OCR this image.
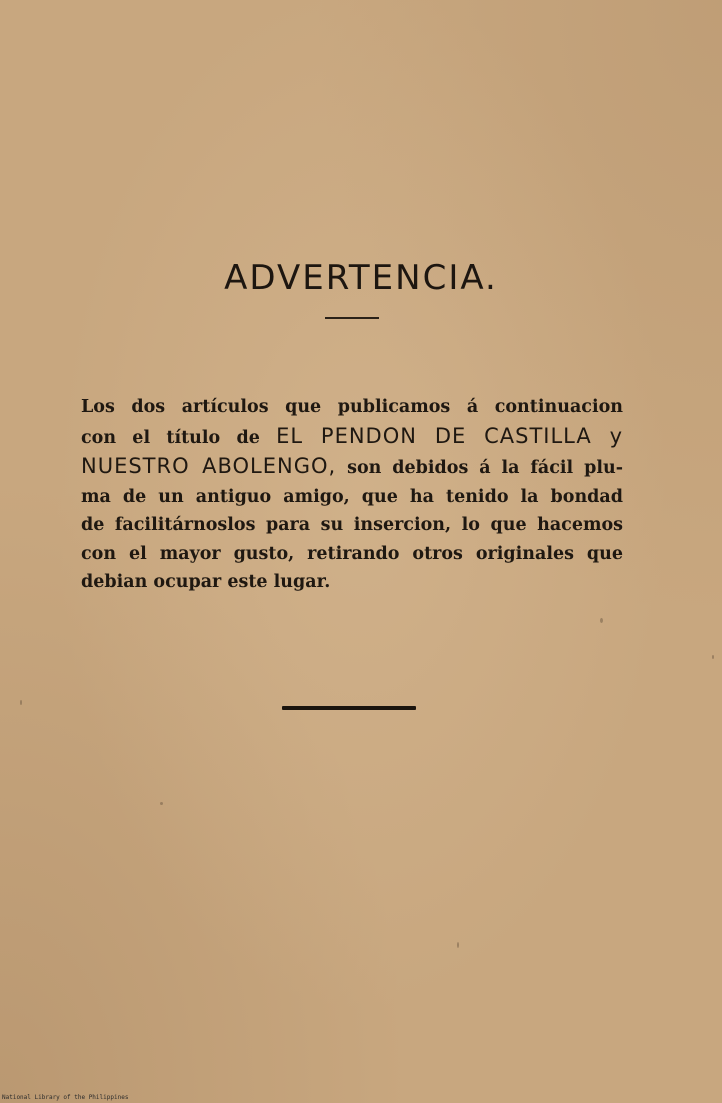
ADVERTENCIA.

Los dos artículos que publicamos á continuacion
con el título de EL PENDON DE CASTILLA y
NUESTRO ABOLENGO, son debidos á la fácil plu-
ma de un antiguo amigo, que ha tenido la bondad
de facilitárnoslos para su insercion, lo que hacemos
con el mayor gusto, retirando otros originales que
debian ocupar este lugar.

National Library of the Philippines
